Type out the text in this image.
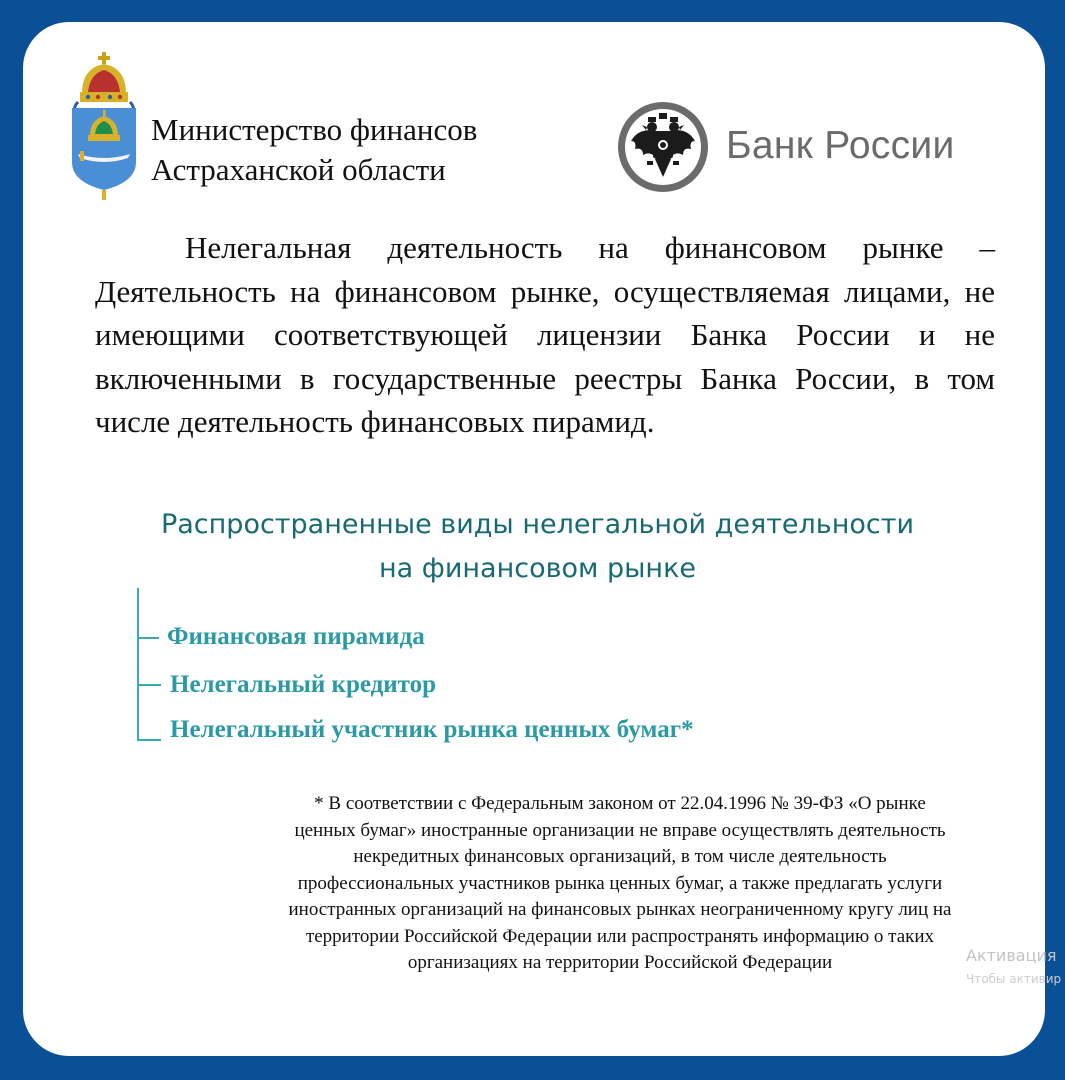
Министерство финансов
Астраханской области
Банк России

Нелегальная деятельность на финансовом рынке – Деятельность на финансовом рынке, осуществляемая лицами, не имеющими соответствующей лицензии Банка России и не включенными в государственные реестры Банка России, в том числе деятельность финансовых пирамид.

Распространенные виды нелегальной деятельности
на финансовом рынке
Финансовая пирамида
Нелегальный кредитор
Нелегальный участник рынка ценных бумаг*
* В соответствии с Федеральным законом от 22.04.1996 № 39-ФЗ «О рынке
ценных бумаг» иностранные организации не вправе осуществлять деятельность
некредитных финансовых организаций, в том числе деятельность
профессиональных участников рынка ценных бумаг, а также предлагать услуги
иностранных организаций на финансовых рынках неограниченному кругу лиц на
территории Российской Федерации или распространять информацию о таких
организациях на территории Российской Федерации	Активация
Чтобы активир
